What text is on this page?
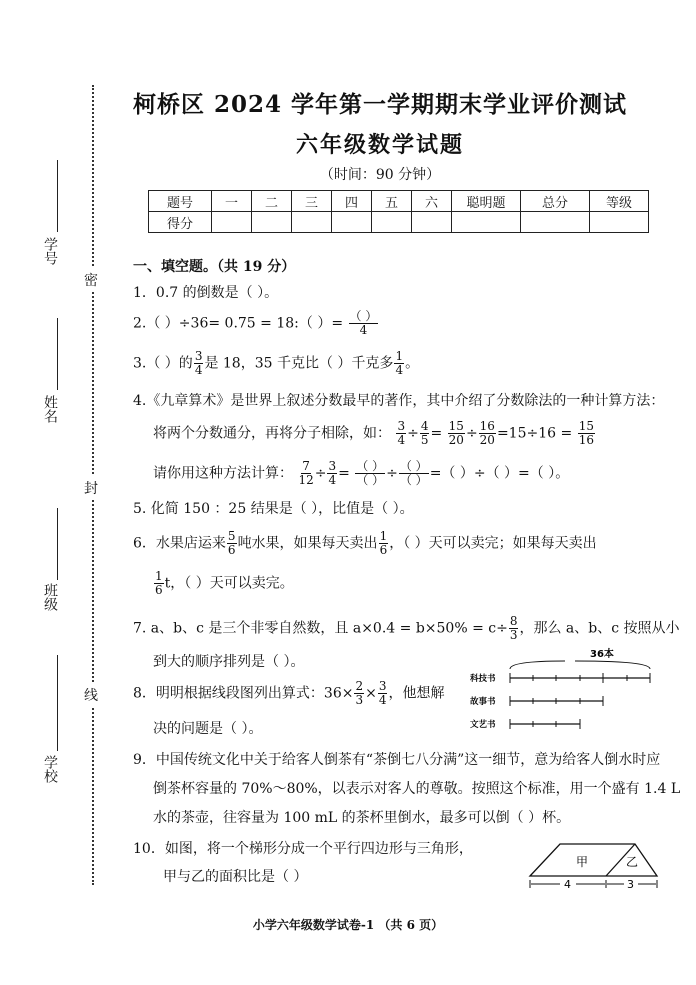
学号
姓名
班级
学校
密
封
线
柯桥区 2024 学年第一学期期末学业评价测试
六年级数学试题
（时间：90 分钟）
题号	一	二	三	四	五	六	聪明题	总分	等级
得分									
一、填空题。（共 19 分）
1．0.7 的倒数是（ ）。
2.（ ）÷36= 0.75 = 18:（ ）= $\frac{( )}{4}$
3.（ ）的 $\frac{3}{4}$ 是 18，35 千克比（ ）千克多 $\frac{1}{4}$ 。
4.《九章算术》是世界上叙述分数最早的著作，其中介绍了分数除法的一种计算方法：
将两个分数通分，再将分子相除，如： $\frac{3}{4} \div \frac{4}{5} = \frac{15}{20} \div \frac{16}{20} =15\div 16 = \frac{15}{16}$
请你用这种方法计算： $\frac{7}{12} \div \frac{3}{4} = \frac{( )}{( )} \div \frac{( )}{( )}$ =（ ）÷（ ）=（ ）。
5. 化简 150 ：25 结果是（ ），比值是（ ）。
6．水果店运来 $\frac{5}{6}$ 吨水果，如果每天卖出 $\frac{1}{6}$ ，（ ）天可以卖完；如果每天卖出
$\frac{1}{6}$ t，（ ）天可以卖完。
7. a、b、c 是三个非零自然数，且 $a\times 0.4 = b\times 50\% = c\div \frac{8}{3}$ ，那么 a、b、c 按照从小
到大的顺序排列是（ ）。
8．明明根据线段图列出算式：$36\times \frac{2}{3} \times \frac{3}{4}$ ，他想解
决的问题是（ ）。
36本
科技书
故事书
文艺书
9．中国传统文化中关于给客人倒茶有“茶倒七八分满”这一细节，意为给客人倒水时应
倒茶杯容量的 70%～80%，以表示对客人的尊敬。按照这个标准，用一个盛有 1.4 L
水的茶壶，往容量为 100 mL 的茶杯里倒水，最多可以倒（ ）杯。
10．如图，将一个梯形分成一个平行四边形与三角形，
甲与乙的面积比是（ ）
甲	乙
4	3
小学六年级数学试卷-1 （共 6 页）
